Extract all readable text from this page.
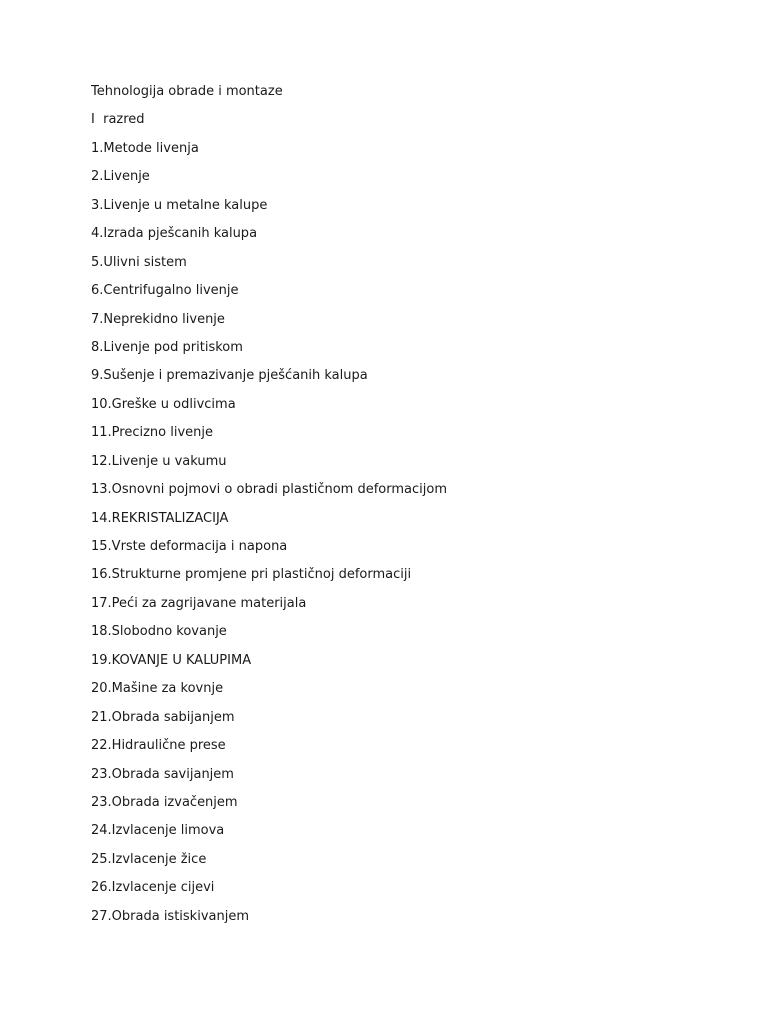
Tehnologija obrade i montaze
I  razred
1.Metode livenja
2.Livenje
3.Livenje u metalne kalupe
4.Izrada pješcanih kalupa
5.Ulivni sistem
6.Centrifugalno livenje
7.Neprekidno livenje
8.Livenje pod pritiskom
9.Sušenje i premazivanje pješćanih kalupa
10.Greške u odlivcima
11.Precizno livenje
12.Livenje u vakumu
13.Osnovni pojmovi o obradi plastičnom deformacijom
14.REKRISTALIZACIJA
15.Vrste deformacija i napona
16.Strukturne promjene pri plastičnoj deformaciji
17.Peći za zagrijavane materijala
18.Slobodno kovanje
19.KOVANJE U KALUPIMA
20.Mašine za kovnje
21.Obrada sabijanjem
22.Hidraulične prese
23.Obrada savijanjem
23.Obrada izvačenjem
24.Izvlacenje limova
25.Izvlacenje žice
26.Izvlacenje cijevi
27.Obrada istiskivanjem
